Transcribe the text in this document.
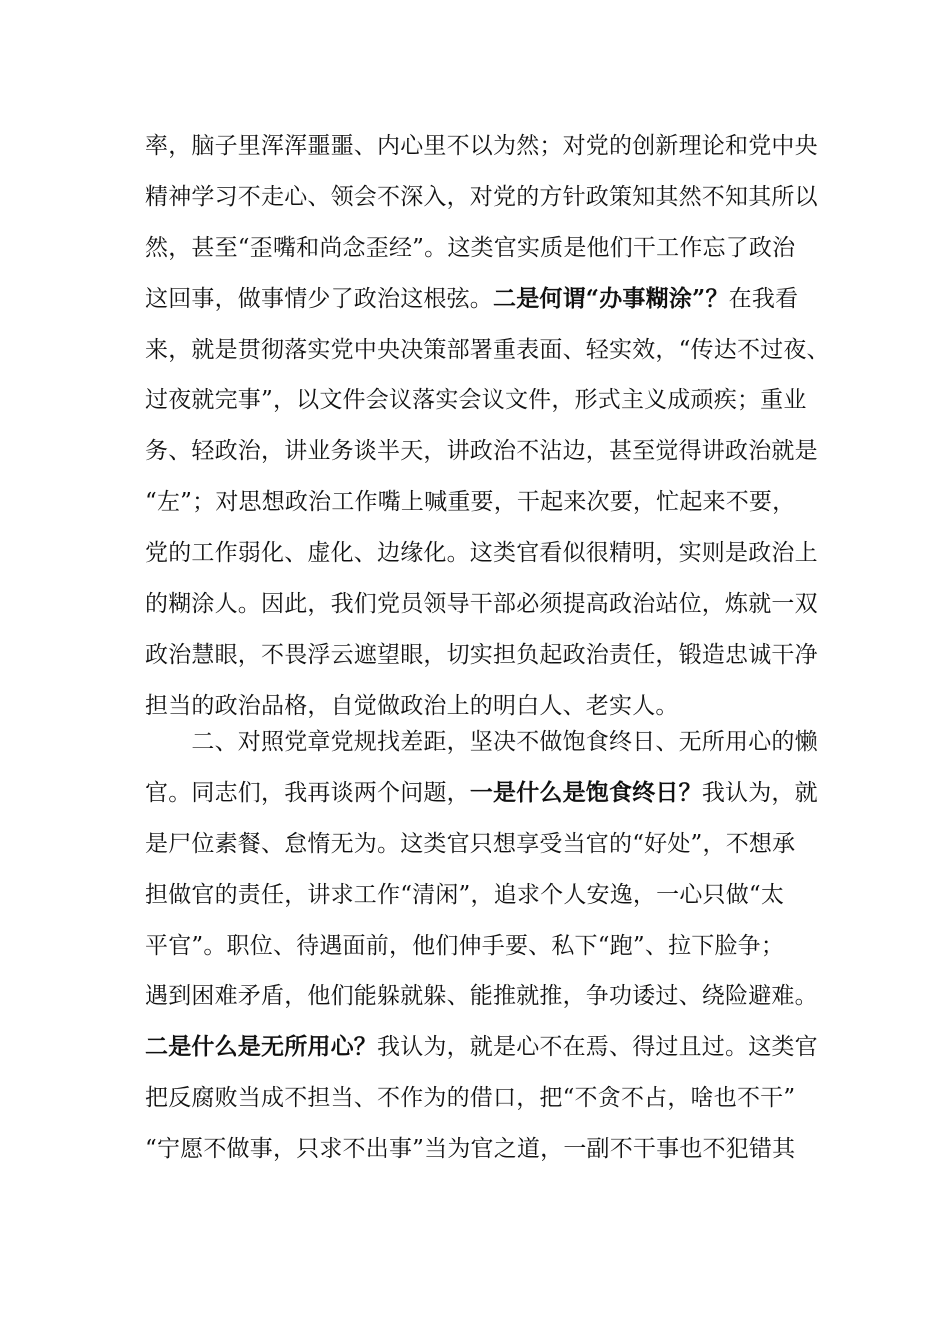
率，脑子里浑浑噩噩、内心里不以为然；对党的创新理论和党中央
精神学习不走心、领会不深入，对党的方针政策知其然不知其所以
然，甚至“歪嘴和尚念歪经”。这类官实质是他们干工作忘了政治
这回事，做事情少了政治这根弦。二是何谓“办事糊涂”？在我看
来，就是贯彻落实党中央决策部署重表面、轻实效，“传达不过夜、
过夜就完事”，以文件会议落实会议文件，形式主义成顽疾；重业
务、轻政治，讲业务谈半天，讲政治不沾边，甚至觉得讲政治就是
“左”；对思想政治工作嘴上喊重要，干起来次要，忙起来不要，
党的工作弱化、虚化、边缘化。这类官看似很精明，实则是政治上
的糊涂人。因此，我们党员领导干部必须提高政治站位，炼就一双
政治慧眼，不畏浮云遮望眼，切实担负起政治责任，锻造忠诚干净
担当的政治品格，自觉做政治上的明白人、老实人。
　　二、对照党章党规找差距，坚决不做饱食终日、无所用心的懒
官。同志们，我再谈两个问题，一是什么是饱食终日？我认为，就
是尸位素餐、怠惰无为。这类官只想享受当官的“好处”，不想承
担做官的责任，讲求工作“清闲”，追求个人安逸，一心只做“太
平官”。职位、待遇面前，他们伸手要、私下“跑”、拉下脸争；
遇到困难矛盾，他们能躲就躲、能推就推，争功诿过、绕险避难。
二是什么是无所用心？我认为，就是心不在焉、得过且过。这类官
把反腐败当成不担当、不作为的借口，把“不贪不占，啥也不干”
“宁愿不做事，只求不出事”当为官之道，一副不干事也不犯错其
